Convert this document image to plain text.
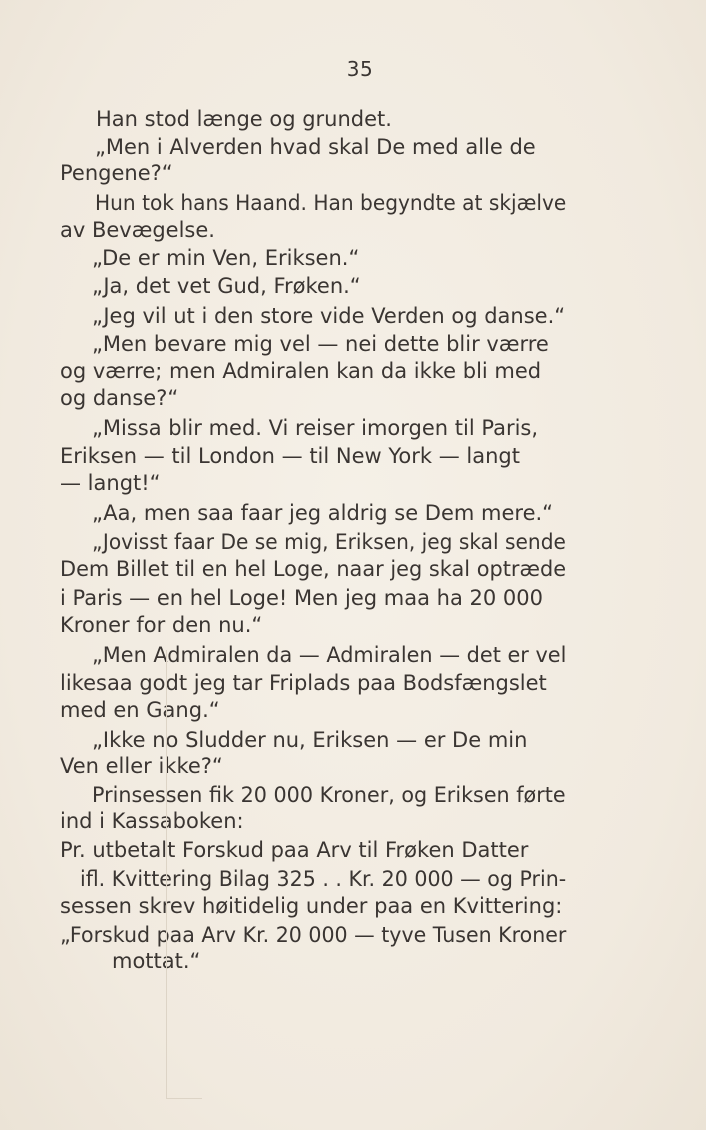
35
Han stod længe og grundet.
„Men i Alverden hvad skal De med alle de
Pengene?“
Hun tok hans Haand. Han begyndte at skjælve
av Bevægelse.
„De er min Ven, Eriksen.“
„Ja, det vet Gud, Frøken.“
„Jeg vil ut i den store vide Verden og danse.“
„Men bevare mig vel — nei dette blir værre
og værre; men Admiralen kan da ikke bli med
og danse?“
„Missa blir med. Vi reiser imorgen til Paris,
Eriksen — til London — til New York — langt
— langt!“
„Aa, men saa faar jeg aldrig se Dem mere.“
„Jovisst faar De se mig, Eriksen, jeg skal sende
Dem Billet til en hel Loge, naar jeg skal optræde
i Paris — en hel Loge! Men jeg maa ha 20 000
Kroner for den nu.“
„Men Admiralen da — Admiralen — det er vel
likesaa godt jeg tar Friplads paa Bodsfængslet
med en Gang.“
„Ikke no Sludder nu, Eriksen — er De min
Ven eller ikke?“
Prinsessen fik 20 000 Kroner, og Eriksen førte
ind i Kassaboken:
Pr. utbetalt Forskud paa Arv til Frøken Datter
ifl. Kvittering Bilag 325 . . Kr. 20 000 — og Prin-
sessen skrev høitidelig under paa en Kvittering:
„Forskud paa Arv Kr. 20 000 — tyve Tusen Kroner
mottat.“
